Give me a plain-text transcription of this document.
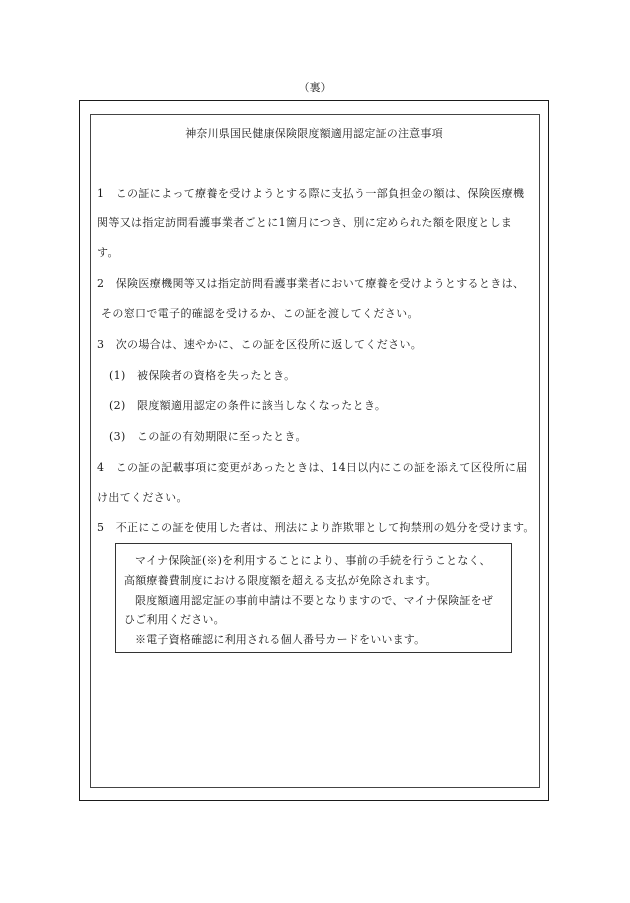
（裏）
神奈川県国民健康保険限度額適用認定証の注意事項
1　この証によって療養を受けようとする際に支払う一部負担金の額は、保険医療機
関等又は指定訪問看護事業者ごとに1箇月につき、別に定められた額を限度としま
す。
2　保険医療機関等又は指定訪問看護事業者において療養を受けようとするときは、
その窓口で電子的確認を受けるか、この証を渡してください。
3　次の場合は、速やかに、この証を区役所に返してください。
(1)　被保険者の資格を失ったとき。
(2)　限度額適用認定の条件に該当しなくなったとき。
(3)　この証の有効期限に至ったとき。
4　この証の記載事項に変更があったときは、14日以内にこの証を添えて区役所に届
け出てください。
5　不正にこの証を使用した者は、刑法により詐欺罪として拘禁刑の処分を受けます。
マイナ保険証(※)を利用することにより、事前の手続を行うことなく、
高額療養費制度における限度額を超える支払が免除されます。
限度額適用認定証の事前申請は不要となりますので、マイナ保険証をぜ
ひご利用ください。
※電子資格確認に利用される個人番号カードをいいます。
